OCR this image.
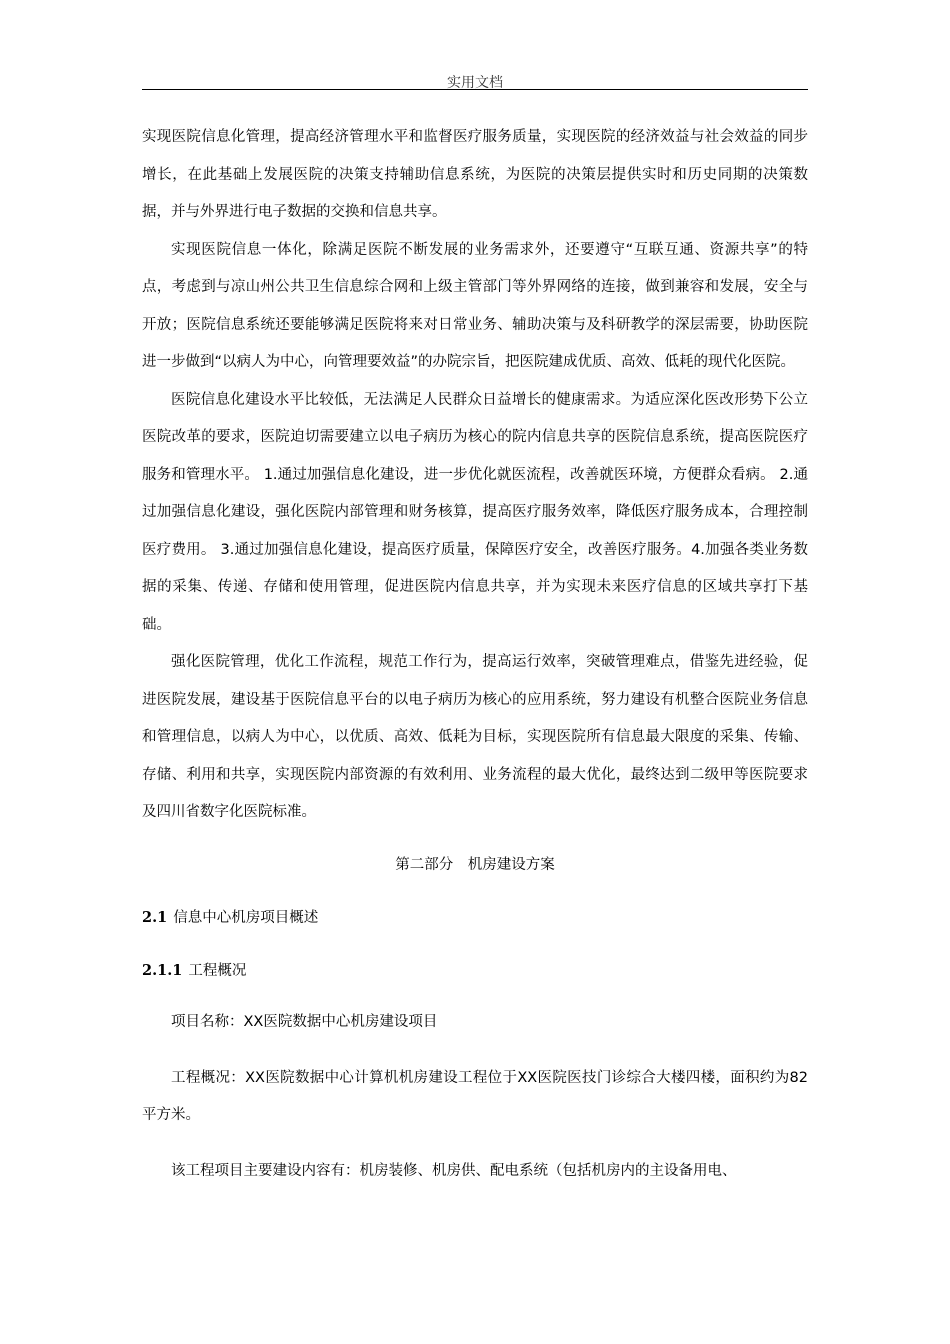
实用文档

实现医院信息化管理，提高经济管理水平和监督医疗服务质量，实现医院的经济效益与社会效益的同步增长，在此基础上发展医院的决策支持辅助信息系统，为医院的决策层提供实时和历史同期的决策数据，并与外界进行电子数据的交换和信息共享。

实现医院信息一体化，除满足医院不断发展的业务需求外，还要遵守“互联互通、资源共享”的特点，考虑到与凉山州公共卫生信息综合网和上级主管部门等外界网络的连接，做到兼容和发展，安全与开放；医院信息系统还要能够满足医院将来对日常业务、辅助决策与及科研教学的深层需要，协助医院进一步做到“以病人为中心，向管理要效益”的办院宗旨，把医院建成优质、高效、低耗的现代化医院。

医院信息化建设水平比较低，无法满足人民群众日益增长的健康需求。为适应深化医改形势下公立医院改革的要求，医院迫切需要建立以电子病历为核心的院内信息共享的医院信息系统，提高医院医疗服务和管理水平。 1.通过加强信息化建设，进一步优化就医流程，改善就医环境，方便群众看病。 2.通过加强信息化建设，强化医院内部管理和财务核算，提高医疗服务效率，降低医疗服务成本，合理控制医疗费用。 3.通过加强信息化建设，提高医疗质量，保障医疗安全，改善医疗服务。4.加强各类业务数据的采集、传递、存储和使用管理，促进医院内信息共享，并为实现未来医疗信息的区域共享打下基础。

强化医院管理，优化工作流程，规范工作行为，提高运行效率，突破管理难点，借鉴先进经验，促进医院发展，建设基于医院信息平台的以电子病历为核心的应用系统，努力建设有机整合医院业务信息和管理信息，以病人为中心，以优质、高效、低耗为目标，实现医院所有信息最大限度的采集、传输、存储、利用和共享，实现医院内部资源的有效利用、业务流程的最大优化，最终达到二级甲等医院要求及四川省数字化医院标准。

第二部分　机房建设方案

2.1 信息中心机房项目概述
2.1.1 工程概况

项目名称：XX医院数据中心机房建设项目

工程概况：XX医院数据中心计算机机房建设工程位于XX医院医技门诊综合大楼四楼，面积约为82平方米。

该工程项目主要建设内容有：机房装修、机房供、配电系统（包括机房内的主设备用电、
